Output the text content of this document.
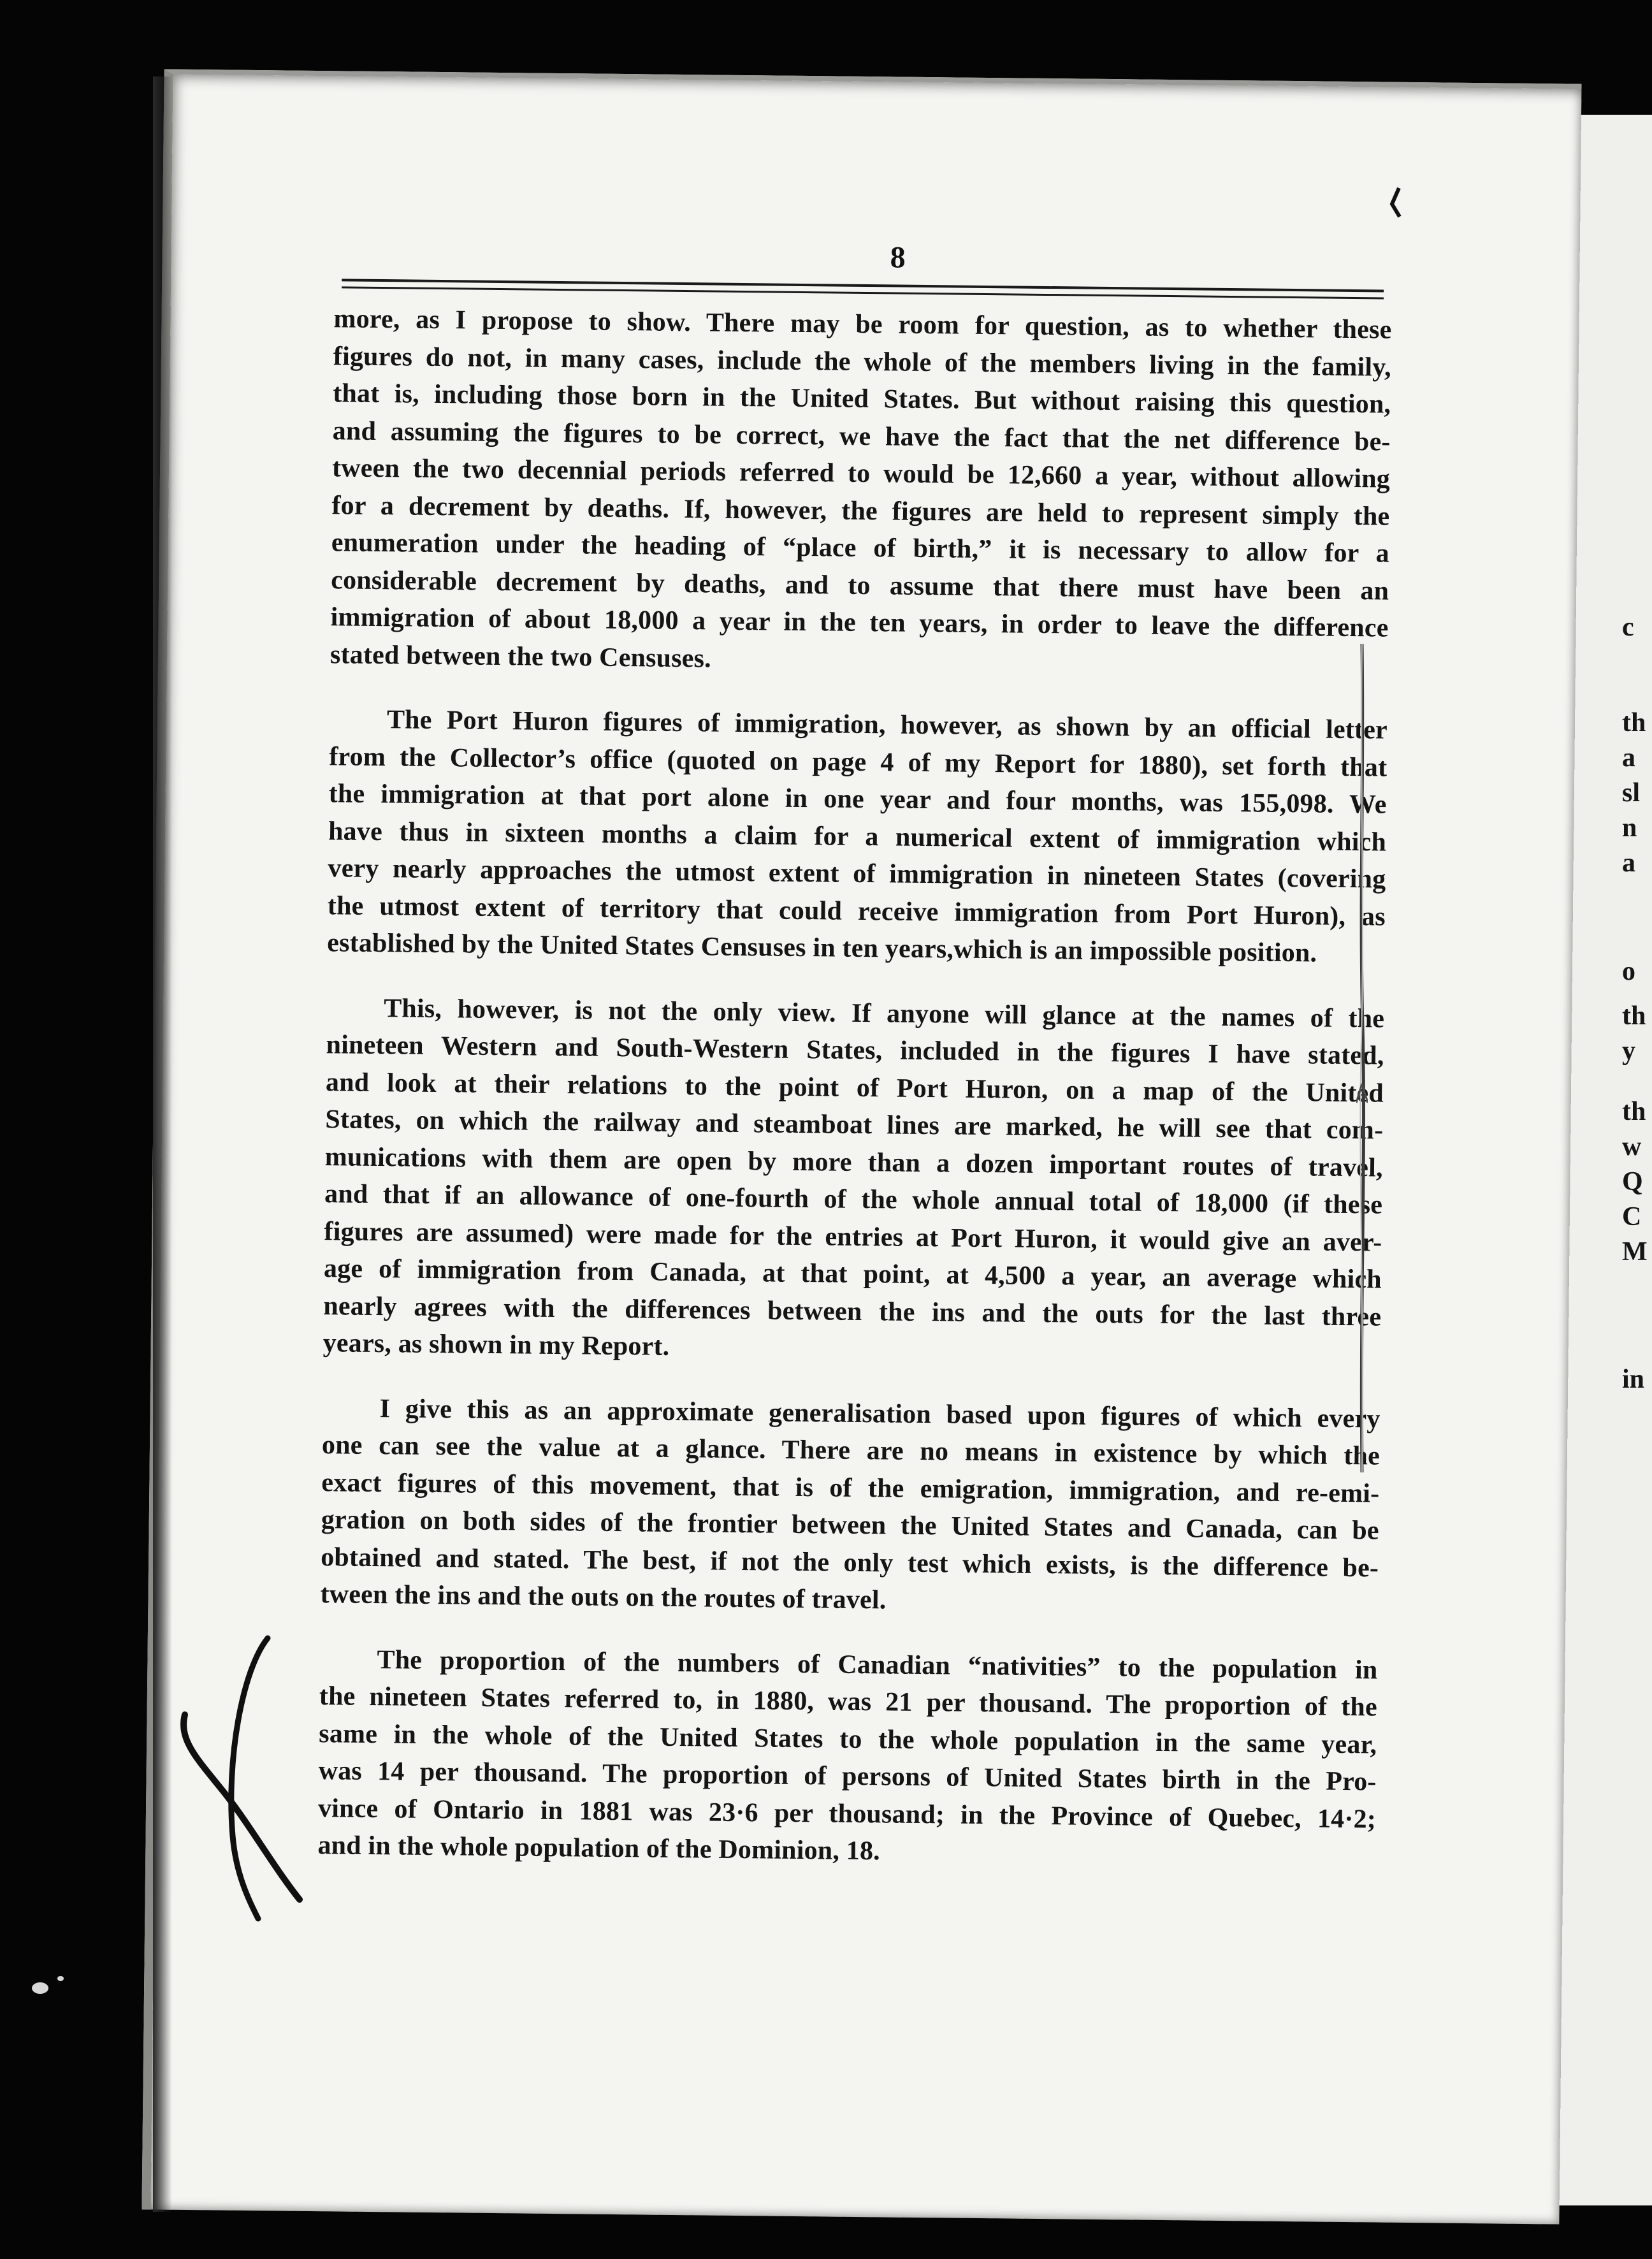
8
more, as I propose to show. There may be room for question, as to whether these
figures do not, in many cases, include the whole of the members living in the family,
that is, including those born in the United States. But without raising this question,
and assuming the figures to be correct, we have the fact that the net difference be-
tween the two decennial periods referred to would be 12,660 a year, without allowing
for a decrement by deaths. If, however, the figures are held to represent simply the
enumeration under the heading of “place of birth,” it is necessary to allow for a
considerable decrement by deaths, and to assume that there must have been an
immigration of about 18,000 a year in the ten years, in order to leave the difference
stated between the two Censuses.
The Port Huron figures of immigration, however, as shown by an official letter
from the Collector’s office (quoted on page 4 of my Report for 1880), set forth that
the immigration at that port alone in one year and four months, was 155,098. We
have thus in sixteen months a claim for a numerical extent of immigration which
very nearly approaches the utmost extent of immigration in nineteen States (covering
the utmost extent of territory that could receive immigration from Port Huron), as
established by the United States Censuses in ten years,which is an impossible position.
This, however, is not the only view. If anyone will glance at the names of the
nineteen Western and South-Western States, included in the figures I have stated,
and look at their relations to the point of Port Huron, on a map of the United
States, on which the railway and steamboat lines are marked, he will see that com-
munications with them are open by more than a dozen important routes of travel,
and that if an allowance of one-fourth of the whole annual total of 18,000 (if these
figures are assumed) were made for the entries at Port Huron, it would give an aver-
age of immigration from Canada, at that point, at 4,500 a year, an average which
nearly agrees with the differences between the ins and the outs for the last three
years, as shown in my Report.
I give this as an approximate generalisation based upon figures of which every
one can see the value at a glance. There are no means in existence by which the
exact figures of this movement, that is of the emigration, immigration, and re-emi-
gration on both sides of the frontier between the United States and Canada, can be
obtained and stated. The best, if not the only test which exists, is the difference be-
tween the ins and the outs on the routes of travel.
The proportion of the numbers of Canadian “nativities” to the population in
the nineteen States referred to, in 1880, was 21 per thousand. The proportion of the
same in the whole of the United States to the whole population in the same year,
was 14 per thousand. The proportion of persons of United States birth in the Pro-
vince of Ontario in 1881 was 23·6 per thousand; in the Province of Quebec, 14·2;
and in the whole population of the Dominion, 18.
c
th
a
sl
n
a
o
th
y
th
w
Q
C
M
in
